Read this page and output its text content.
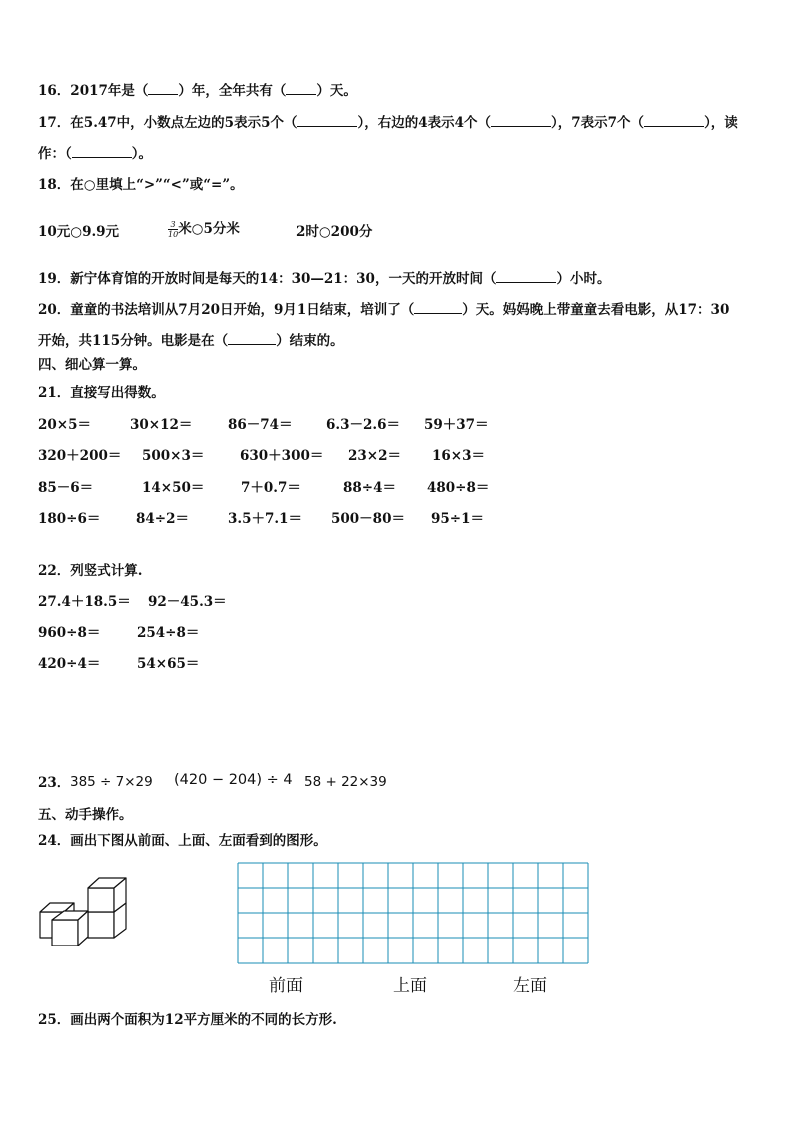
16．2017年是（ ）年，全年共有（ ）天。
17．在5.47中，小数点左边的5表示5个（	），右边的4表示4个（	），7表示7个（	），读
作：（	）。
18．在○里填上“>”“<”或“=”。
10元○9.9元	$\frac{3}{10}$ 米○5分米	2时○200分
19．新宁体育馆的开放时间是每天的14：30—21：30，一天的开放时间（	）小时。
20．童童的书法培训从7月20日开始，9月1日结束，培训了（	）天。妈妈晚上带童童去看电影，从17：30
开始，共115分钟。电影是在（	）结束的。
四、细心算一算。
21．直接写出得数。
20×5＝	30×12＝	86－74＝ 6.3－2.6＝ 59＋37＝
320＋200＝ 500×3＝	630＋300＝ 23×2＝ 16×3＝
85－6＝	14×50＝	7＋0.7＝	88÷4＝ 480÷8＝
180÷6＝	84÷2＝	3.5＋7.1＝ 500－80＝ 95÷1＝
22．列竖式计算.
27.4＋18.5＝ 92－45.3＝
960÷8＝	254÷8＝
420÷4＝	54×65＝
23． 385 ÷ 7×29 (420 − 204) ÷ 4 58 + 22×39
五、动手操作。
24．画出下图从前面、上面、左面看到的图形。
前面	上面	左面
25．画出两个面积为12平方厘米的不同的长方形.
